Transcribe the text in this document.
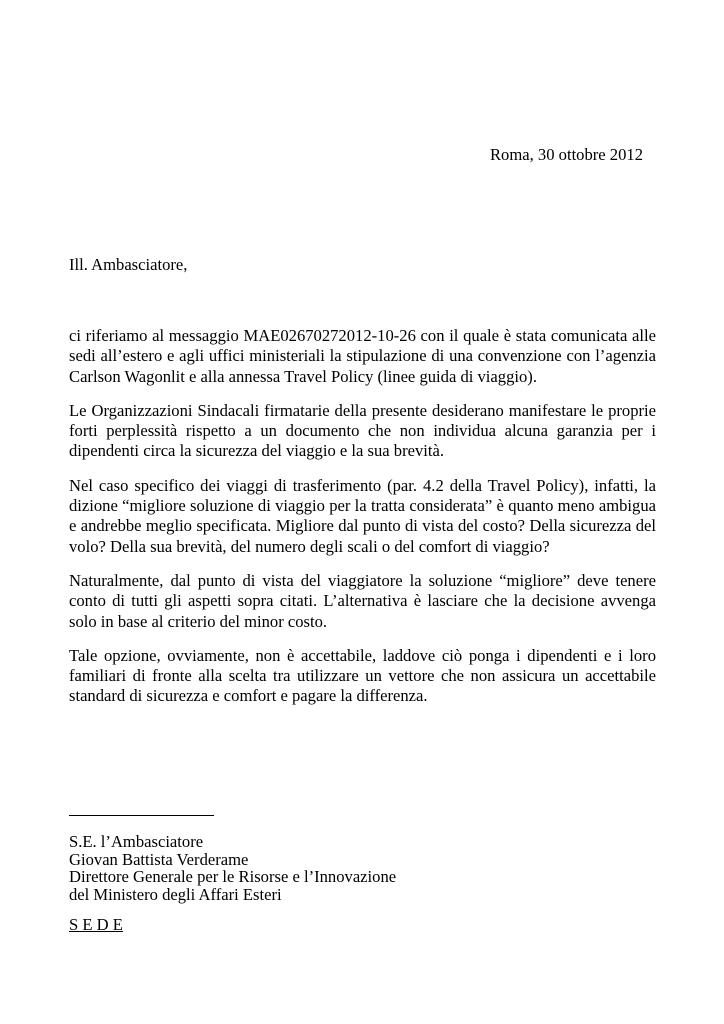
Roma, 30 ottobre 2012
Ill. Ambasciatore,

ci riferiamo al messaggio MAE02670272012-10-26 con il quale è stata comunicata alle sedi all’estero e agli uffici ministeriali la stipulazione di una convenzione con l’agenzia Carlson Wagonlit e alla annessa Travel Policy (linee guida di viaggio).

Le Organizzazioni Sindacali firmatarie della presente desiderano manifestare le proprie forti perplessità rispetto a un documento che non individua alcuna garanzia per i dipendenti circa la sicurezza del viaggio e la sua brevità.

Nel caso specifico dei viaggi di trasferimento (par. 4.2 della Travel Policy), infatti, la dizione “migliore soluzione di viaggio per la tratta considerata” è quanto meno ambigua e andrebbe meglio specificata. Migliore dal punto di vista del costo? Della sicurezza del volo? Della sua brevità, del numero degli scali o del comfort di viaggio?

Naturalmente, dal punto di vista del viaggiatore la soluzione “migliore” deve tenere conto di tutti gli aspetti sopra citati. L’alternativa è lasciare che la decisione avvenga solo in base al criterio del minor costo.

Tale opzione, ovviamente, non è accettabile, laddove ciò ponga i dipendenti e i loro familiari di fronte alla scelta tra utilizzare un vettore che non assicura un accettabile standard di sicurezza e comfort e pagare la differenza.

S.E. l’Ambasciatore
Giovan Battista Verderame
Direttore Generale per le Risorse e l’Innovazione
del Ministero degli Affari Esteri
S E D E
